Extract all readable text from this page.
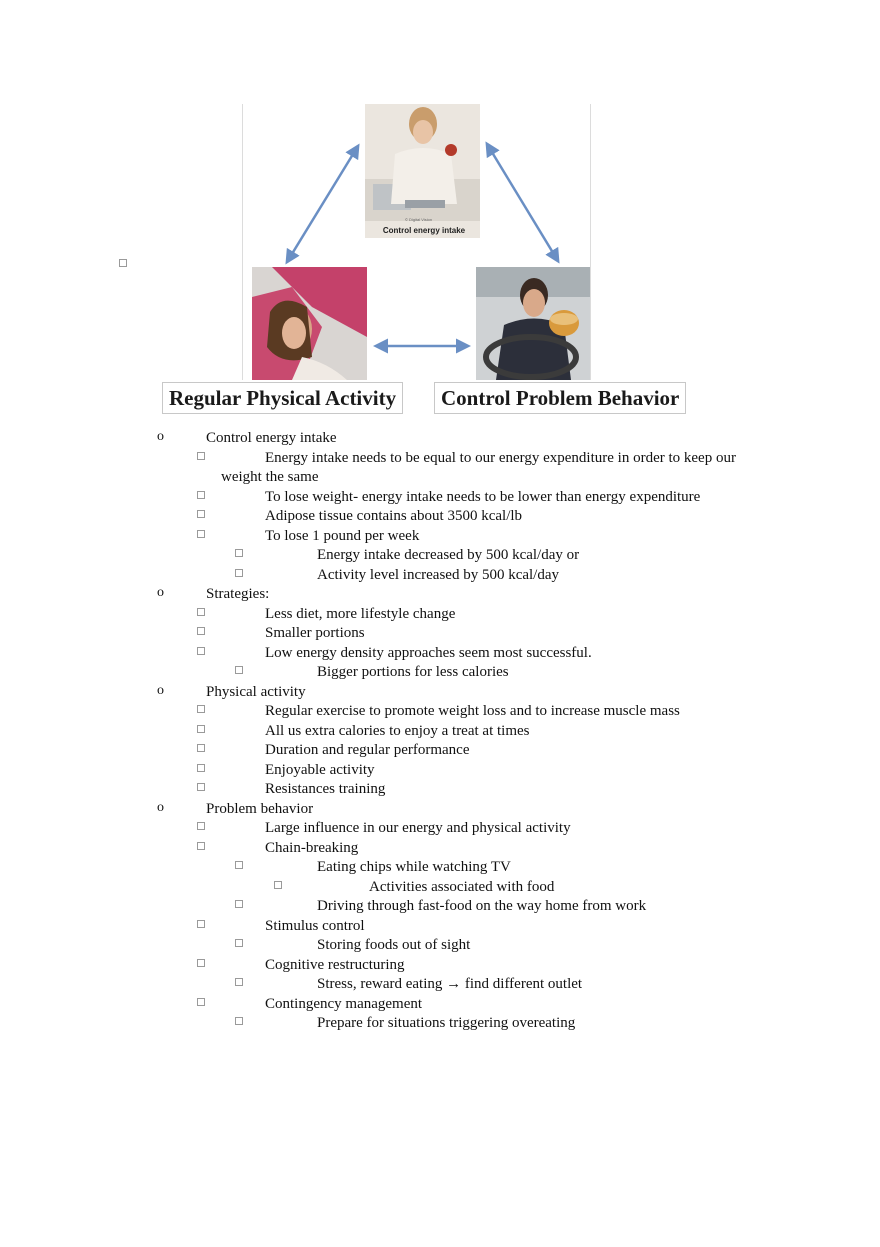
© Digital Vision
Control energy intake
Regular Physical Activity	Control Problem Behavior
o	Control energy intake
Energy intake needs to be equal to our energy expenditure in order to keep our
weight the same
To lose weight- energy intake needs to be lower than energy expenditure
Adipose tissue contains about 3500 kcal/lb
To lose 1 pound per week
Energy intake decreased by 500 kcal/day or
Activity level increased by 500 kcal/day
o	Strategies:
Less diet, more lifestyle change
Smaller portions
Low energy density approaches seem most successful.
Bigger portions for less calories
o	Physical activity
Regular exercise to promote weight loss and to increase muscle mass
All us extra calories to enjoy a treat at times
Duration and regular performance
Enjoyable activity
Resistances training
o	Problem behavior
Large influence in our energy and physical activity
Chain-breaking
Eating chips while watching TV
Activities associated with food
Driving through fast-food on the way home from work
Stimulus control
Storing foods out of sight
Cognitive restructuring
Stress, reward eating → find different outlet
Contingency management
Prepare for situations triggering overeating
